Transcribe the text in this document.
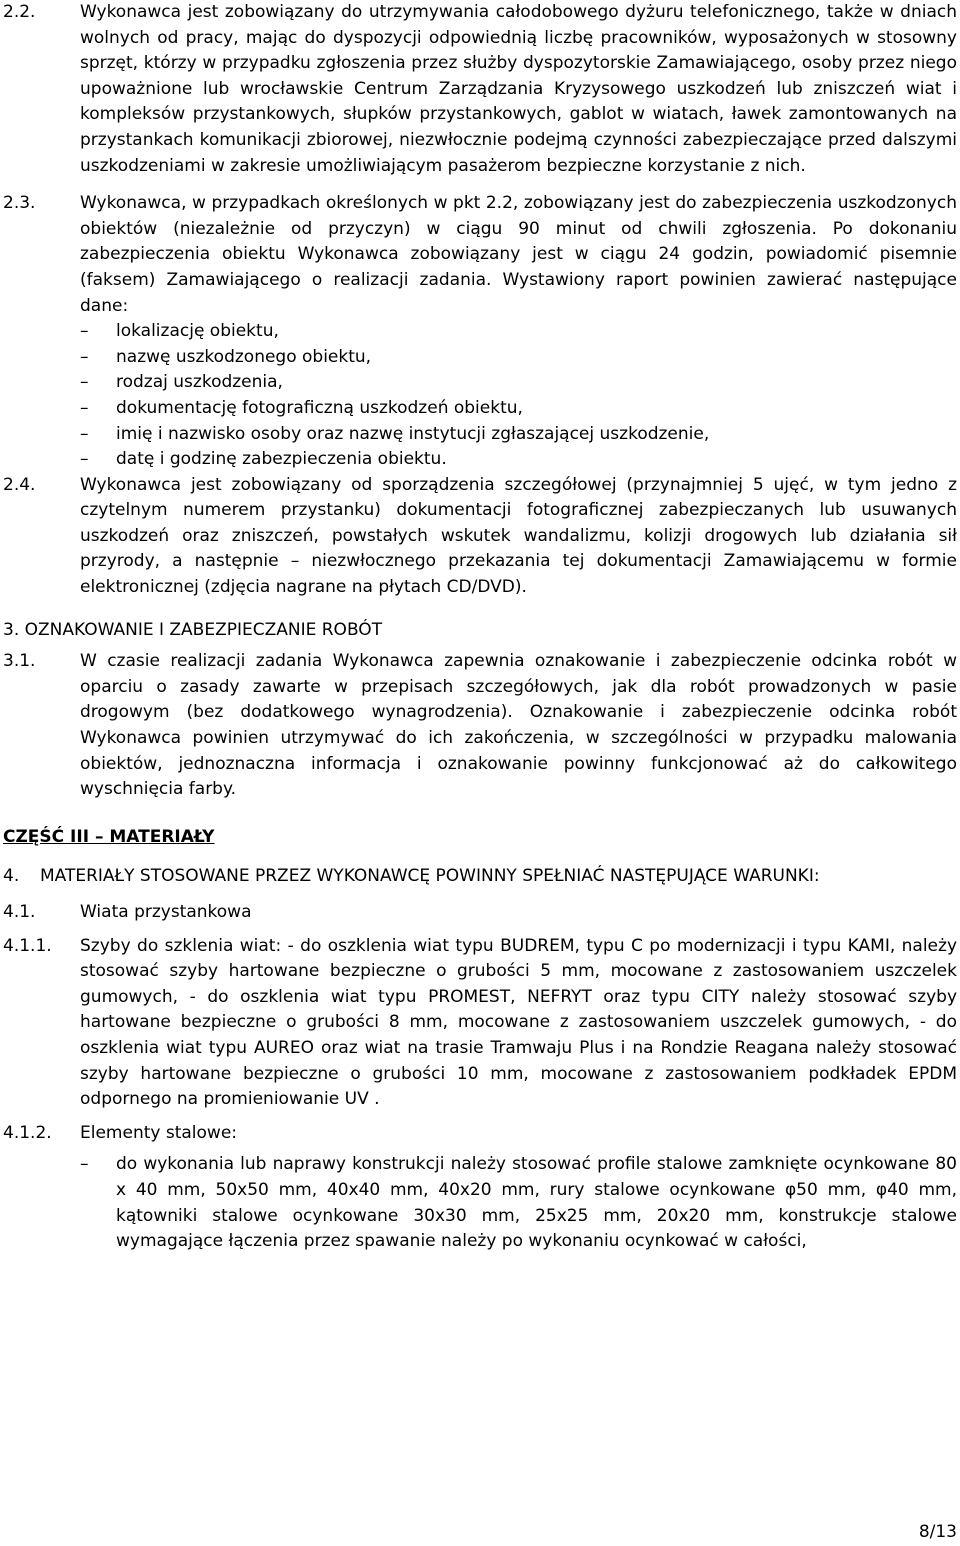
2.2.	Wykonawca jest zobowiązany do utrzymywania całodobowego dyżuru telefonicznego, także w dniach wolnych od pracy, mając do dyspozycji odpowiednią liczbę pracowników, wyposażonych w stosowny sprzęt, którzy w przypadku zgłoszenia przez służby dyspozytorskie Zamawiającego, osoby przez niego upoważnione lub wrocławskie Centrum Zarządzania Kryzysowego uszkodzeń lub zniszczeń wiat i kompleksów przystankowych, słupków przystankowych, gablot w wiatach, ławek zamontowanych na przystankach komunikacji zbiorowej, niezwłocznie podejmą czynności zabezpieczające przed dalszymi uszkodzeniami w zakresie umożliwiającym pasażerom bezpieczne korzystanie z nich.
2.3.	Wykonawca, w przypadkach określonych w pkt 2.2, zobowiązany jest do zabezpieczenia uszkodzonych obiektów (niezależnie od przyczyn) w ciągu 90 minut od chwili zgłoszenia. Po dokonaniu zabezpieczenia obiektu Wykonawca zobowiązany jest w ciągu 24 godzin, powiadomić pisemnie (faksem) Zamawiającego o realizacji zadania. Wystawiony raport powinien zawierać następujące dane:
–	lokalizację obiektu,
–	nazwę uszkodzonego obiektu,
–	rodzaj uszkodzenia,
–	dokumentację fotograficzną uszkodzeń obiektu,
–	imię i nazwisko osoby oraz nazwę instytucji zgłaszającej uszkodzenie,
–	datę i godzinę zabezpieczenia obiektu.
2.4.	Wykonawca jest zobowiązany od sporządzenia szczegółowej (przynajmniej 5 ujęć, w tym jedno z czytelnym numerem przystanku) dokumentacji fotograficznej zabezpieczanych lub usuwanych uszkodzeń oraz zniszczeń, powstałych wskutek wandalizmu, kolizji drogowych lub działania sił przyrody, a następnie – niezwłocznego przekazania tej dokumentacji Zamawiającemu w formie elektronicznej (zdjęcia nagrane na płytach CD/DVD).
3. OZNAKOWANIE I ZABEZPIECZANIE ROBÓT
3.1.	W czasie realizacji zadania Wykonawca zapewnia oznakowanie i zabezpieczenie odcinka robót w oparciu o zasady zawarte w przepisach szczegółowych, jak dla robót prowadzonych w pasie drogowym (bez dodatkowego wynagrodzenia). Oznakowanie i zabezpieczenie odcinka robót Wykonawca powinien utrzymywać do ich zakończenia, w szczególności w przypadku malowania obiektów, jednoznaczna informacja i oznakowanie powinny funkcjonować aż do całkowitego wyschnięcia farby.
CZĘŚĆ III – MATERIAŁY
4.	MATERIAŁY STOSOWANE PRZEZ WYKONAWCĘ POWINNY SPEŁNIAĆ NASTĘPUJĄCE WARUNKI:
4.1.	Wiata przystankowa
4.1.1.	Szyby do szklenia wiat: - do oszklenia wiat typu BUDREM, typu C po modernizacji i typu KAMI, należy stosować szyby hartowane bezpieczne o grubości 5 mm, mocowane z zastosowaniem uszczelek gumowych, - do oszklenia wiat typu PROMEST, NEFRYT oraz typu CITY należy stosować szyby hartowane bezpieczne o grubości 8 mm, mocowane z zastosowaniem uszczelek gumowych, - do oszklenia wiat typu AUREO oraz wiat na trasie Tramwaju Plus i na Rondzie Reagana należy stosować szyby hartowane bezpieczne o grubości 10 mm, mocowane z zastosowaniem podkładek EPDM odpornego na promieniowanie UV .
4.1.2.	Elementy stalowe:
–	do wykonania lub naprawy konstrukcji należy stosować profile stalowe zamknięte ocynkowane 80 x 40 mm, 50x50 mm, 40x40 mm, 40x20 mm, rury stalowe ocynkowane φ50 mm, φ40 mm, kątowniki stalowe ocynkowane 30x30 mm, 25x25 mm, 20x20 mm, konstrukcje stalowe wymagające łączenia przez spawanie należy po wykonaniu ocynkować w całości,
8/13
